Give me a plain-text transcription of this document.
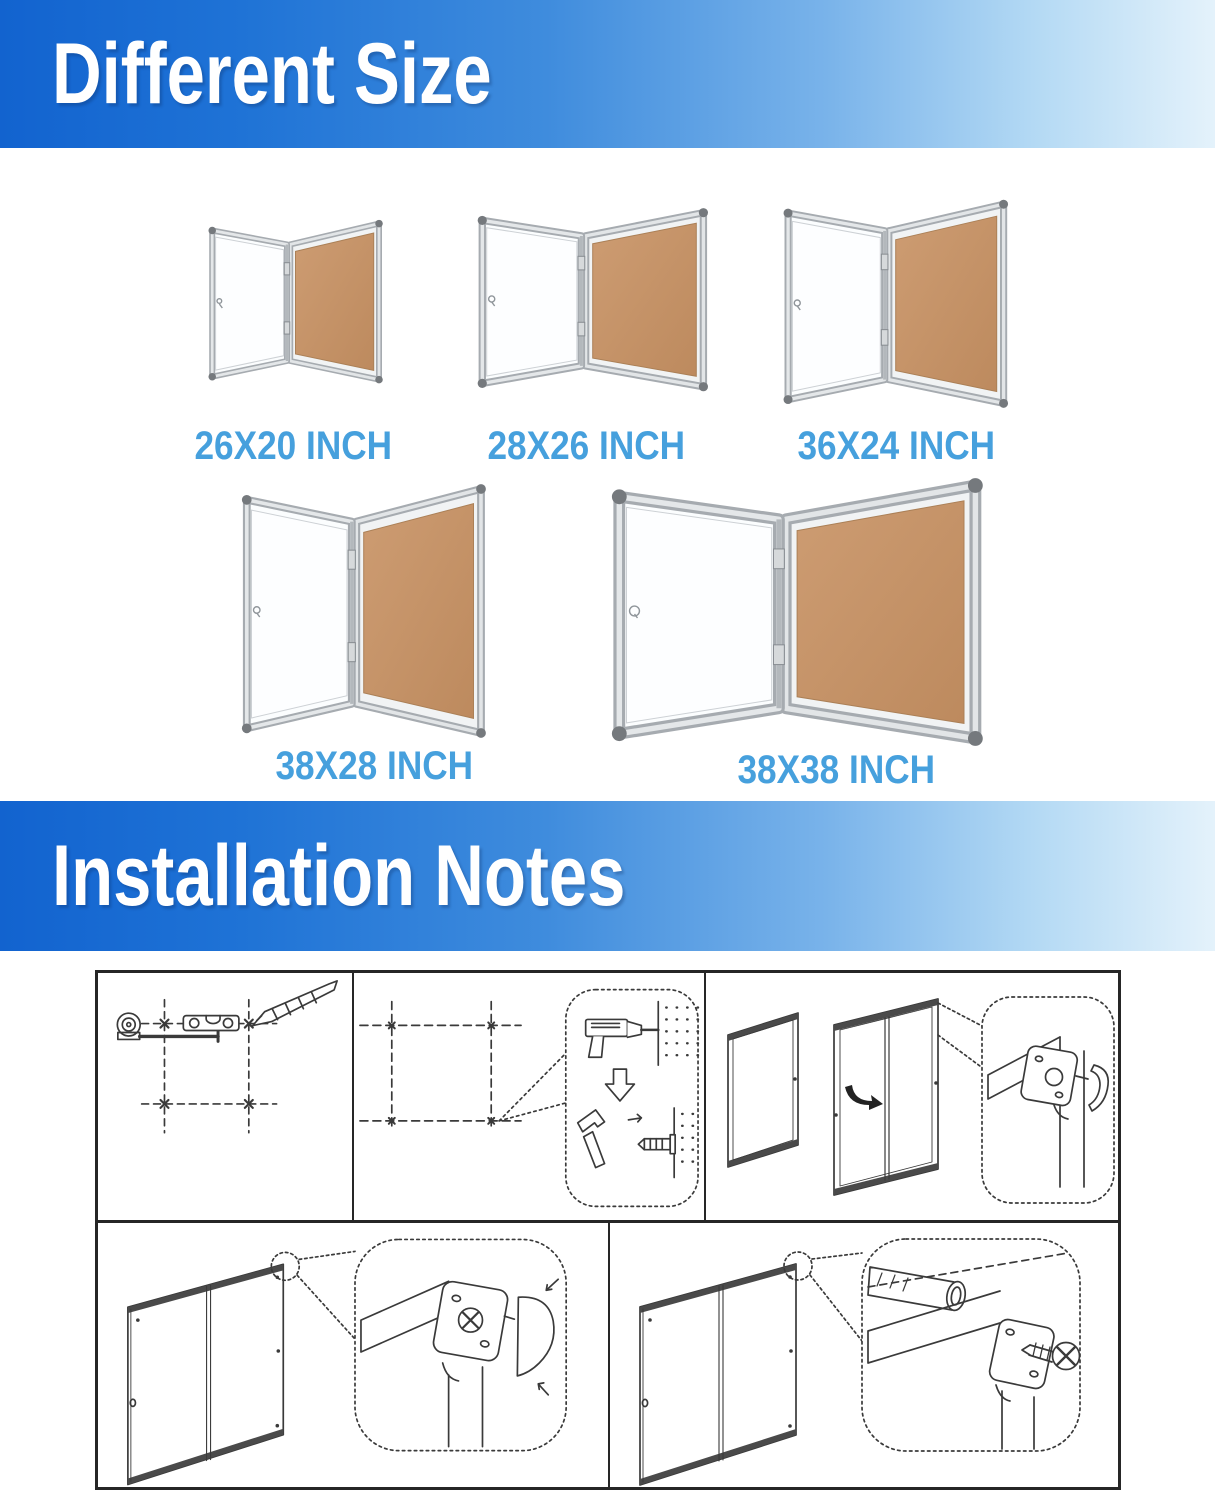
Different Size
26X20 INCH	28X26 INCH	36X24 INCH
38X28 INCH	38X38 INCH
Installation Notes
